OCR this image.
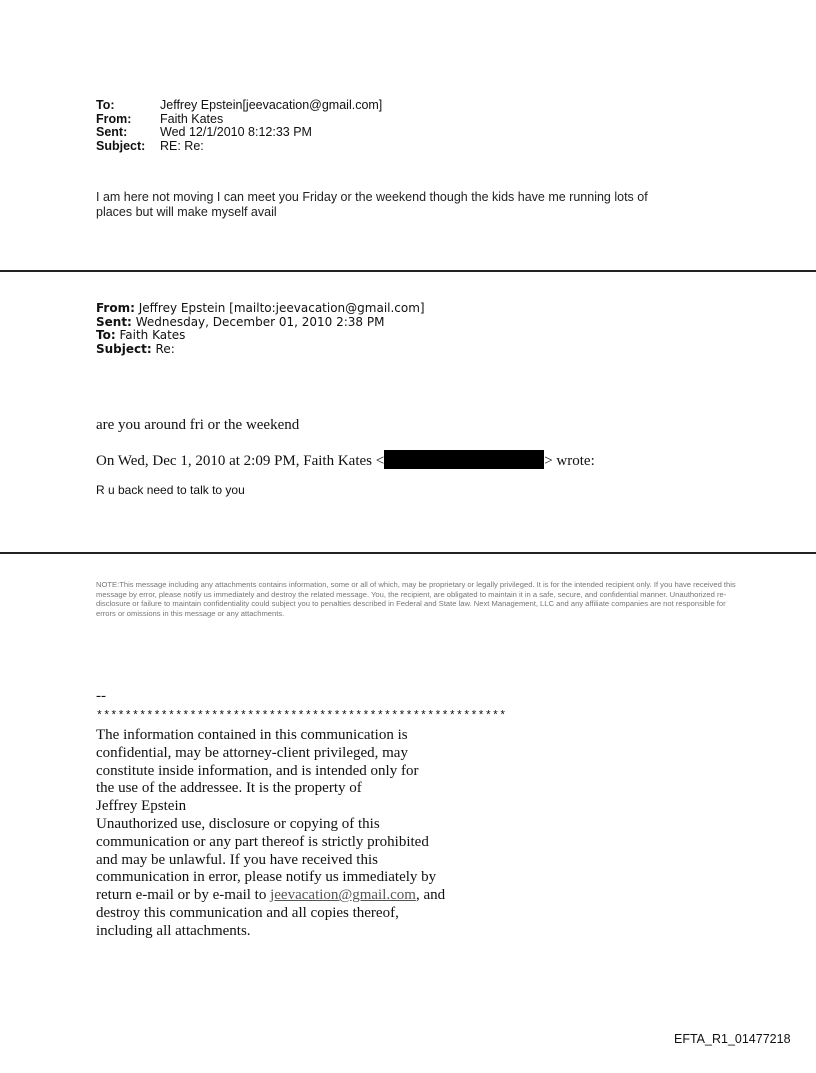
To:	Jeffrey Epstein[jeevacation@gmail.com]
From:	Faith Kates
Sent:	Wed 12/1/2010 8:12:33 PM
Subject: RE: Re:
I am here not moving I can meet you Friday or the weekend though the kids have me running lots of
places but will make myself avail
From: Jeffrey Epstein [mailto:jeevacation@gmail.com]
Sent: Wednesday, December 01, 2010 2:38 PM
To: Faith Kates
Subject: Re:
are you around fri or the weekend
On Wed, Dec 1, 2010 at 2:09 PM, Faith Kates <	> wrote:
R u back need to talk to you
NOTE:This message including any attachments contains information, some or all of which, may be proprietary or legally privileged. It is for the intended recipient only. If you have received this message by error, please notify us immediately and destroy the related message. You, the recipient, are obligated to maintain it in a safe, secure, and confidential manner. Unauthorized re-disclosure or failure to maintain confidentiality could subject you to penalties described in Federal and State law. Next Management, LLC and any affiliate companies are not responsible for errors or omissions in this message or any attachments.
--
*********************************************************
The information contained in this communication is
confidential, may be attorney-client privileged, may
constitute inside information, and is intended only for
the use of the addressee. It is the property of
Jeffrey Epstein
Unauthorized use, disclosure or copying of this
communication or any part thereof is strictly prohibited
and may be unlawful. If you have received this
communication in error, please notify us immediately by
return e-mail or by e-mail to jeevacation@gmail.com, and
destroy this communication and all copies thereof,
including all attachments.
EFTA_R1_01477218
